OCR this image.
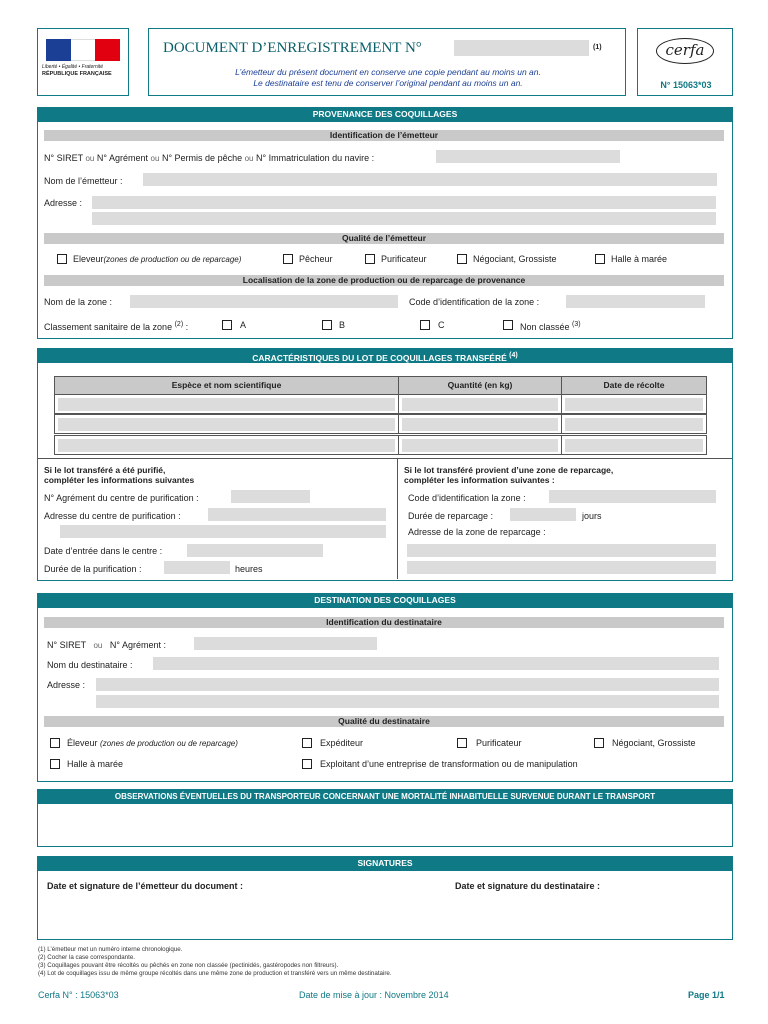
Liberté • Égalité • Fraternité
RÉPUBLIQUE FRANÇAISE
DOCUMENT D’ENREGISTREMENT N°	(1)
L’émetteur du présent document en conserve une copie pendant au moins un an.
Le destinataire est tenu de conserver l’original pendant au moins un an.
cerfa
N° 15063*03
PROVENANCE DES COQUILLAGES
Identification de l’émetteur
N° SIRET ou N° Agrément ou N° Permis de pêche ou N° Immatriculation du navire :
Nom de l’émetteur :
Adresse :
Qualité de l’émetteur
Eleveur(zones de production ou de reparcage)	Pêcheur	Purificateur	Négociant, Grossiste	Halle à marée
Localisation de la zone de production ou de reparcage de provenance
Nom de la zone :	Code d’identification de la zone :
Classement sanitaire de la zone $^{(2)}$ :	A	B	C	Non classée $^{(3)}$
CARACTÉRISTIQUES DU LOT DE COQUILLAGES TRANSFÉRÉ $^{(4)}$
Espèce et nom scientifique	Quantité (en kg)	Date de récolte
Si le lot transféré a été purifié,
compléter les informations suivantes
N° Agrément du centre de purification :
Adresse du centre de purification :
Date d’entrée dans le centre :
Durée de la purification :	heures
Si le lot transféré provient d’une zone de reparcage,
compléter les information suivantes :
Code d’identification la zone :
Durée de reparcage :	jours
Adresse de la zone de reparcage :
DESTINATION DES COQUILLAGES
Identification du destinataire
N° SIRET ou N° Agrément :
Nom du destinataire :
Adresse :
Qualité du destinataire
Éleveur (zones de production ou de reparcage)	Expéditeur	Purificateur	Négociant, Grossiste
Halle à marée	Exploitant d’une entreprise de transformation ou de manipulation
OBSERVATIONS ÉVENTUELLES DU TRANSPORTEUR CONCERNANT UNE MORTALITÉ INHABITUELLE SURVENUE DURANT LE TRANSPORT
SIGNATURES
Date et signature de l’émetteur du document :	Date et signature du destinataire :
(1) L’émetteur met un numéro interne chronologique.
(2) Cocher la case correspondante.
(3) Coquillages pouvant être récoltés ou pêchés en zone non classée (pectinidés, gastéropodes non filtreurs).
(4) Lot de coquillages issu de même groupe récoltés dans une même zone de production et transféré vers un même destinataire.
Cerfa N° : 15063*03	Date de mise à jour : Novembre 2014	Page 1/1
